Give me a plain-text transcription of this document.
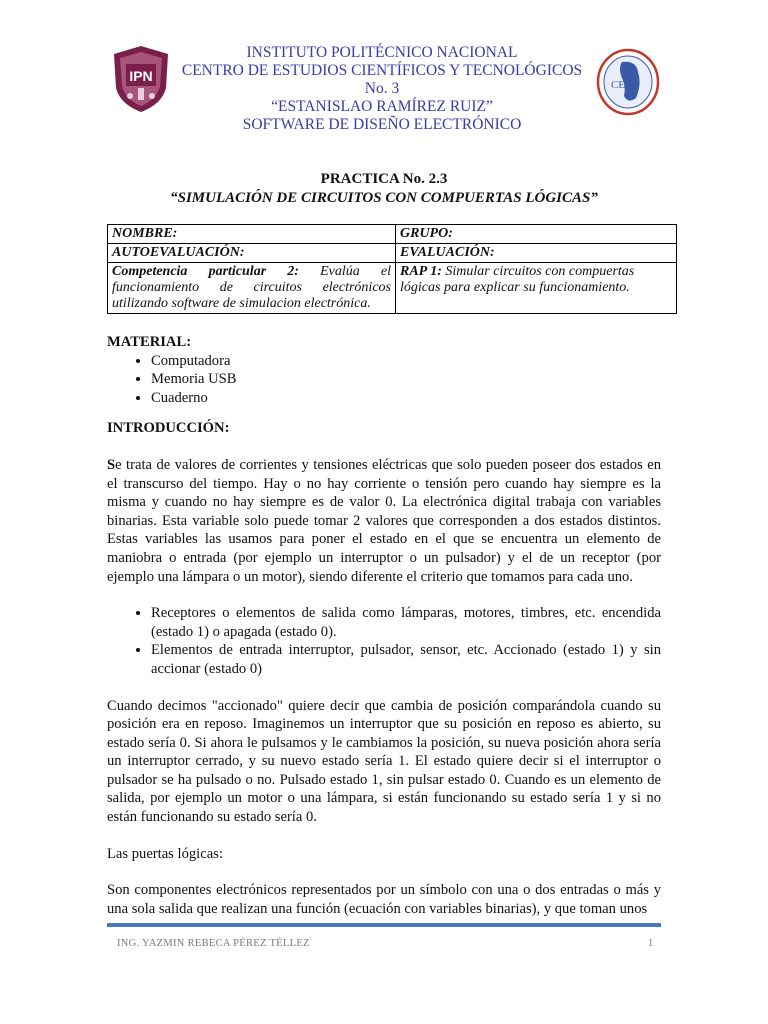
IPN
INSTITUTO POLITÉCNICO NACIONAL
CENTRO DE ESTUDIOS CIENTÍFICOS Y TECNOLÓGICOS
No. 3
“ESTANISLAO RAMÍREZ RUIZ”
SOFTWARE DE DISEÑO ELECTRÓNICO
CE
PRACTICA No. 2.3
“SIMULACIÓN DE CIRCUITOS CON COMPUERTAS LÓGICAS”
NOMBRE:	GRUPO:
AUTOEVALUACIÓN:	EVALUACIÓN:
Competencia particular 2: Evalúa el funcionamiento de circuitos electrónicos utilizando software de simulacion electrónica.	RAP 1: Simular circuitos con compuertas lógicas para explicar su funcionamiento.

MATERIAL:

• Computadora
• Memoria USB
• Cuaderno

INTRODUCCIÓN:

Se trata de valores de corrientes y tensiones eléctricas que solo pueden poseer dos estados en el transcurso del tiempo. Hay o no hay corriente o tensión pero cuando hay siempre es la misma y cuando no hay siempre es de valor 0. La electrónica digital trabaja con variables binarias. Esta variable solo puede tomar 2 valores que corresponden a dos estados distintos. Estas variables las usamos para poner el estado en el que se encuentra un elemento de maniobra o entrada (por ejemplo un interruptor o un pulsador) y el de un receptor (por ejemplo una lámpara o un motor), siendo diferente el criterio que tomamos para cada uno.

• Receptores o elementos de salida como lámparas, motores, timbres, etc. encendida (estado 1) o apagada (estado 0).
• Elementos de entrada interruptor, pulsador, sensor, etc. Accionado (estado 1) y sin accionar (estado 0)

Cuando decimos "accionado" quiere decir que cambia de posición comparándola cuando su posición era en reposo. Imaginemos un interruptor que su posición en reposo es abierto, su estado sería 0. Si ahora le pulsamos y le cambiamos la posición, su nueva posición ahora sería un interruptor cerrado, y su nuevo estado sería 1. El estado quiere decir si el interruptor o pulsador se ha pulsado o no. Pulsado estado 1, sin pulsar estado 0. Cuando es un elemento de salida, por ejemplo un motor o una lámpara, si están funcionando su estado sería 1 y si no están funcionando su estado sería 0.

Las puertas lógicas:

Son componentes electrónicos representados por un símbolo con una o dos entradas o más y una sola salida que realizan una función (ecuación con variables binarias), y que toman unos

ING. YAZMIN REBECA PÉREZ TÉLLEZ	1
